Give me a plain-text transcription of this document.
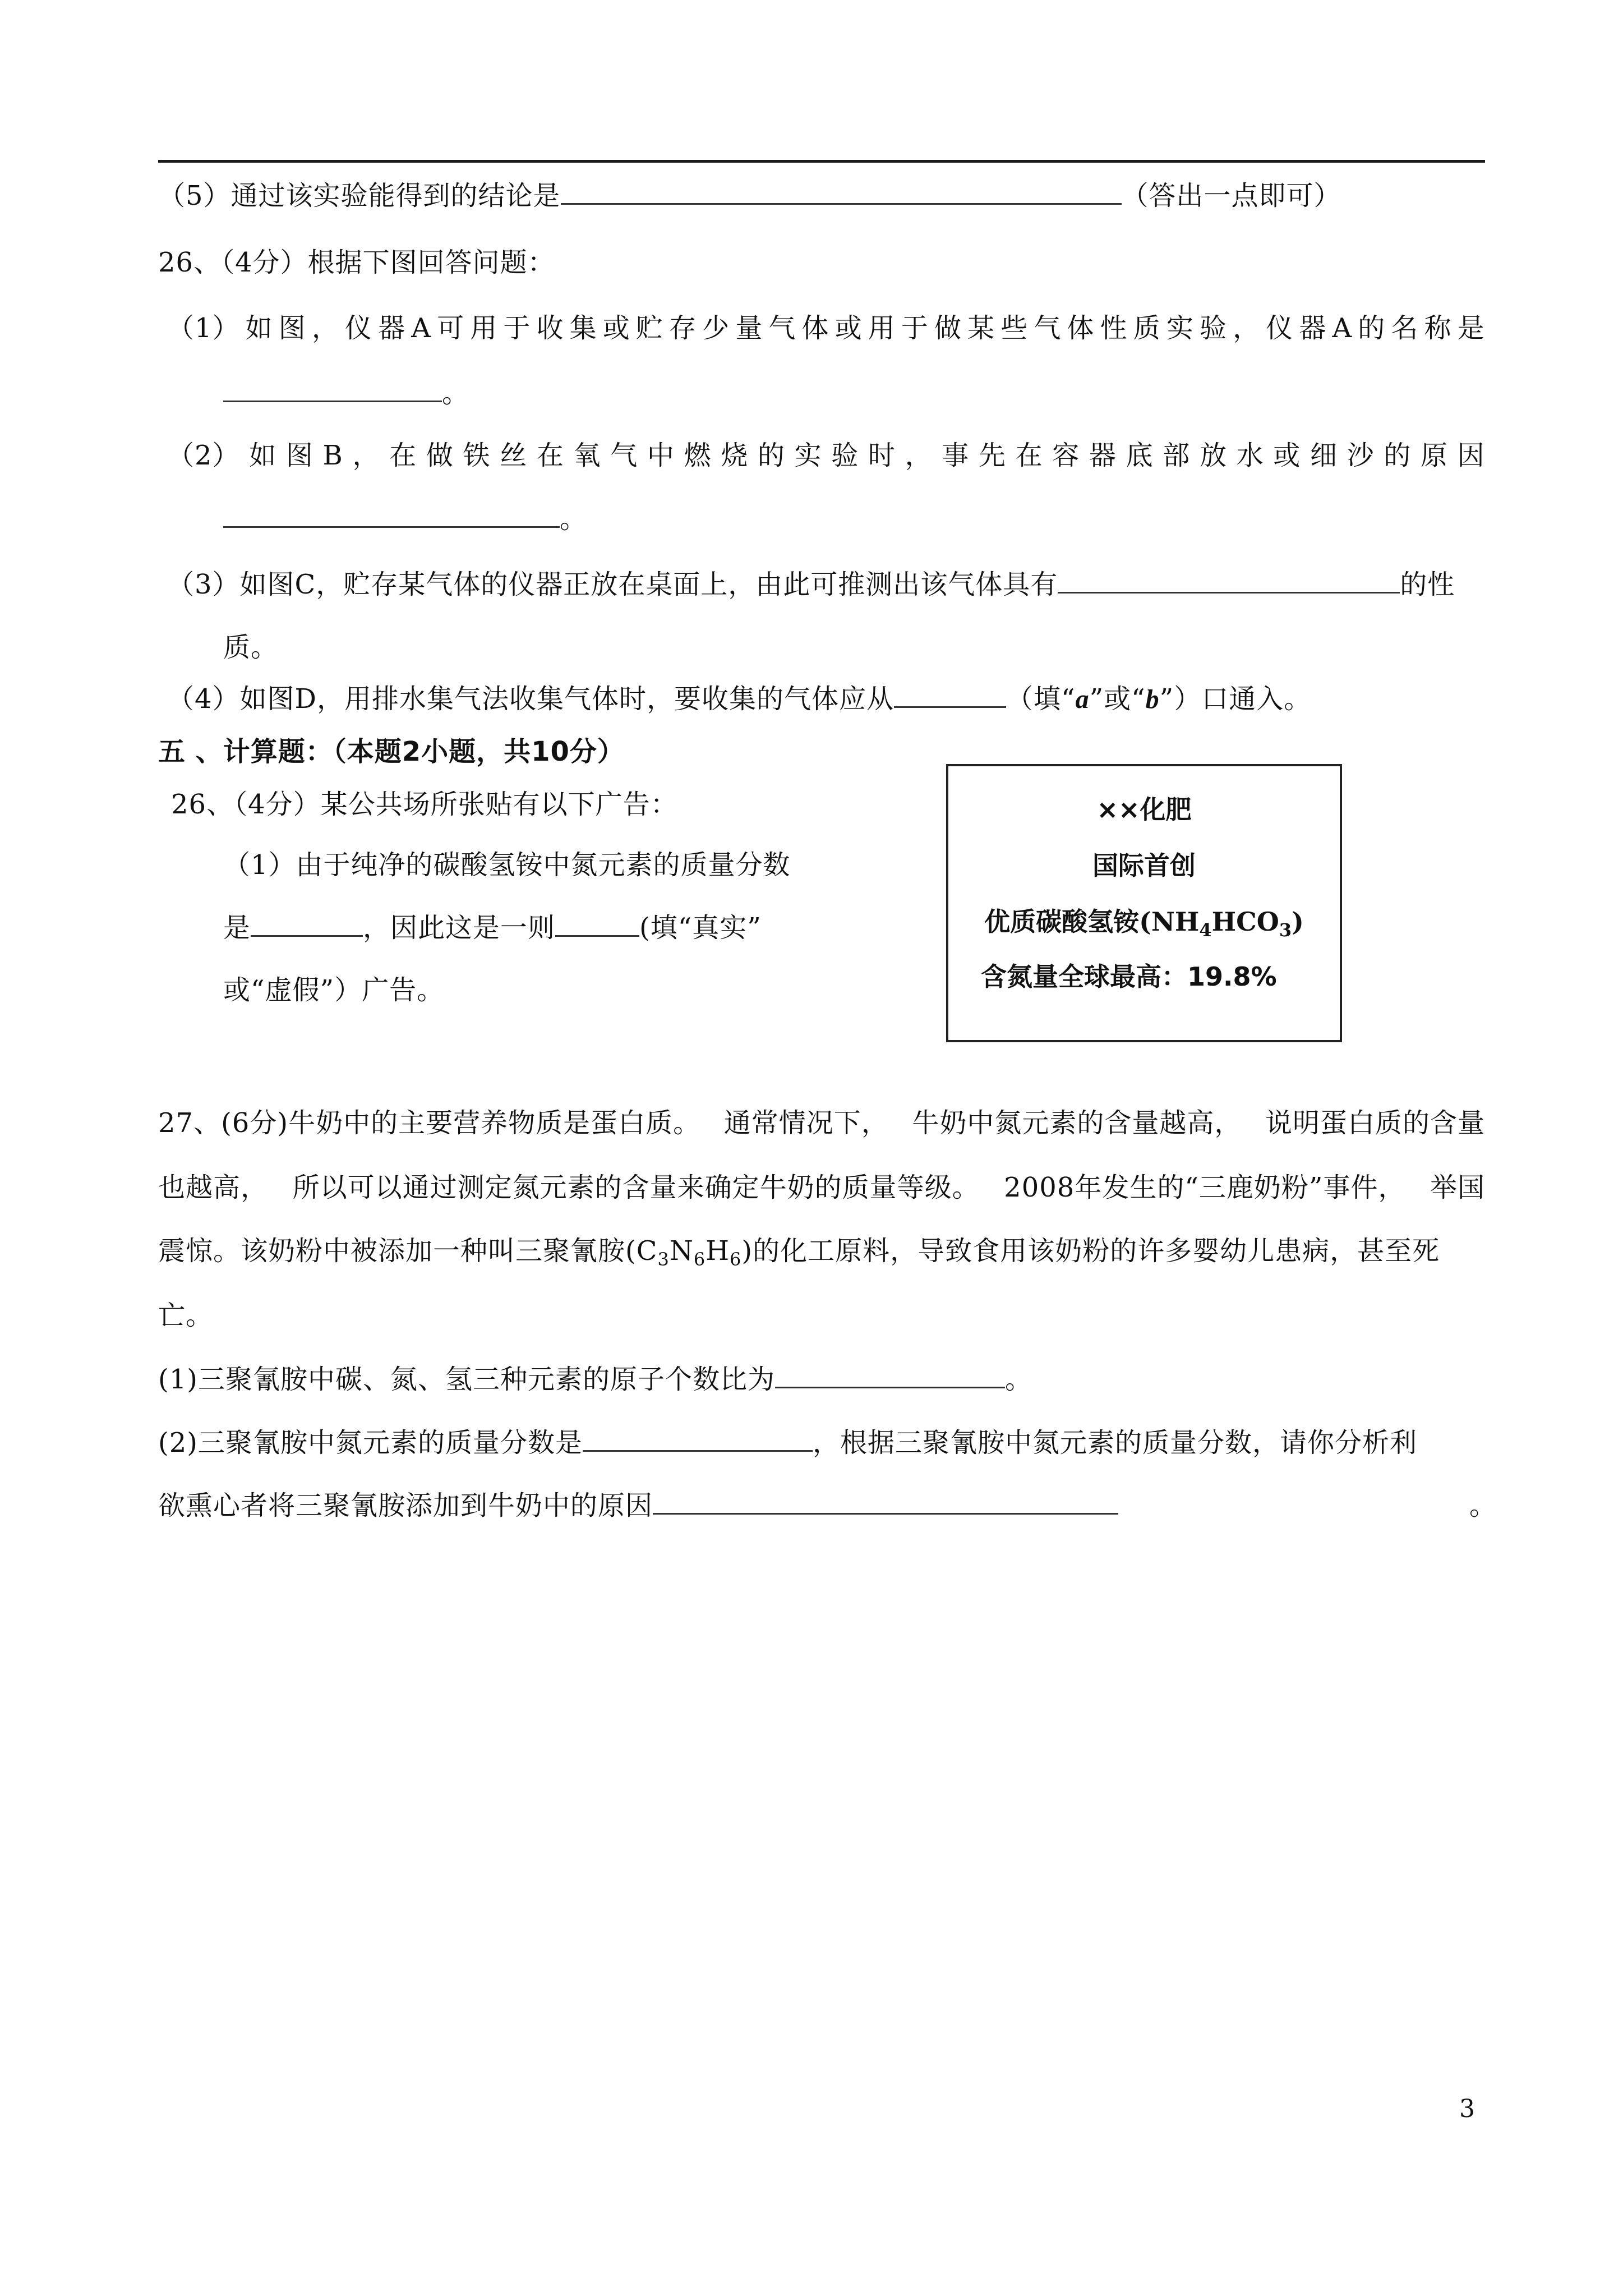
（5）通过该实验能得到的结论是	（答出一点即可）
26、（4分）根据下图回答问题：
（1） 如 图 ， 仪 器 A 可 用 于 收 集 或 贮 存 少 量 气 体 或 用 于 做 某 些 气 体 性 质 实 验 ， 仪 器 A 的 名 称 是
。
（2） 如 图 B ， 在 做 铁 丝 在 氧 气 中 燃 烧 的 实 验 时 ， 事 先 在 容 器 底 部 放 水 或 细 沙 的 原 因
。
（3）如图C，贮存某气体的仪器正放在桌面上，由此可推测出该气体具有	的性
质。
（4）如图D，用排水集气法收集气体时，要收集的气体应从	（填“a”或“b”）口通入。
五 、计算题：（本题2小题，共10分）
26、（4分）某公共场所张贴有以下广告：
（1）由于纯净的碳酸氢铵中氮元素的质量分数
是	，因此这是一则	(填“真实”
或“虚假”）广告。
××化肥
国际首创
优质碳酸氢铵$(NH_4HCO_3)$
含氮量全球最高：19.8%
27、(6分)牛奶中的主要营养物质是蛋白质。 通常情况下， 牛奶中氮元素的含量越高， 说明蛋白质的含量
也越高， 所以可以通过测定氮元素的含量来确定牛奶的质量等级。 2008年发生的“三鹿奶粉”事件， 举国
震惊。该奶粉中被添加一种叫三聚氰胺$(C_3N_6H_6)$的化工原料，导致食用该奶粉的许多婴幼儿患病，甚至死
亡。
(1)三聚氰胺中碳、氮、氢三种元素的原子个数比为	。
(2)三聚氰胺中氮元素的质量分数是	，根据三聚氰胺中氮元素的质量分数，请你分析利
欲熏心者将三聚氰胺添加到牛奶中的原因	。
3
